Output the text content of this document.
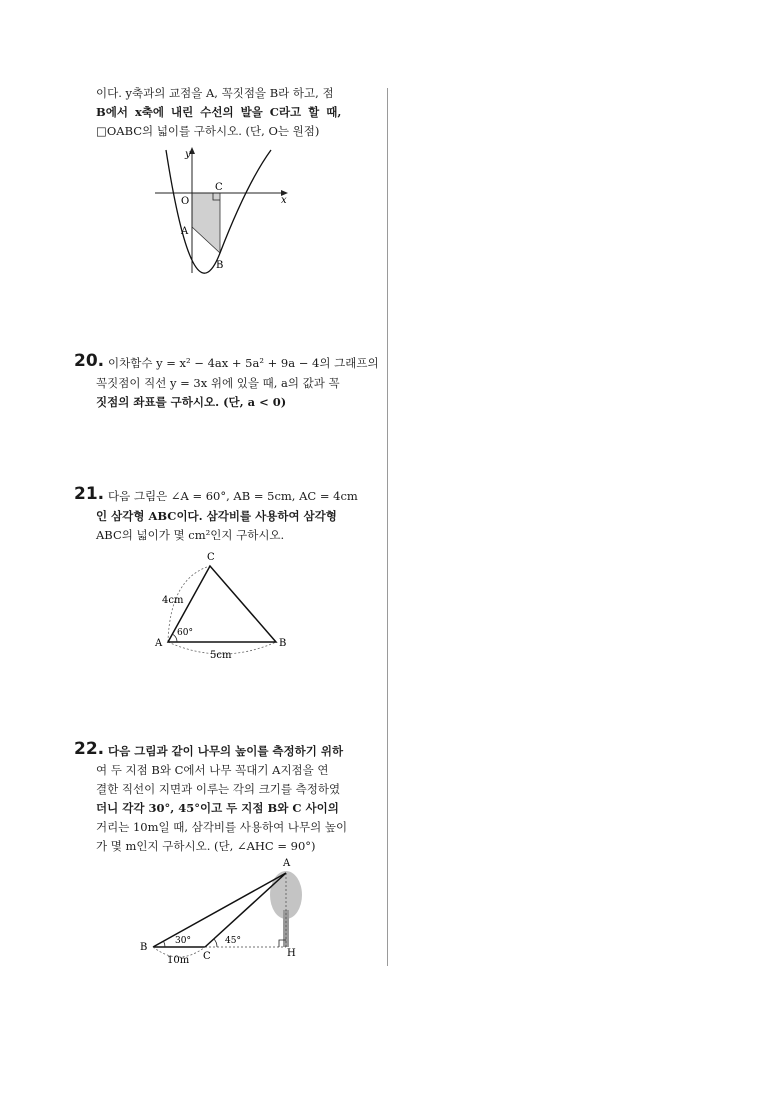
이다. y축과의 교점을 A, 꼭짓점을 B라 하고, 점
B에서 x축에 내린 수선의 발을 C라고 할 때,
□OABC의 넓이를 구하시오. (단, O는 원점)
y
x
O
C
A
B
20. 이차함수 y = x² − 4ax + 5a² + 9a − 4의 그래프의
꼭짓점이 직선 y = 3x 위에 있을 때, a의 값과 꼭
짓점의 좌표를 구하시오. (단, a < 0)
21. 다음 그림은 ∠A = 60°, AB = 5cm, AC = 4cm
인 삼각형 ABC이다. 삼각비를 사용하여 삼각형
ABC의 넓이가 몇 cm²인지 구하시오.
C
A	B
4cm
5cm
60°
22. 다음 그림과 같이 나무의 높이를 측정하기 위하
여 두 지점 B와 C에서 나무 꼭대기 A지점을 연
결한 직선이 지면과 이루는 각의 크기를 측정하였
더니 각각 30°, 45°이고 두 지점 B와 C 사이의
거리는 10m일 때, 삼각비를 사용하여 나무의 높이
가 몇 m인지 구하시오. (단, ∠AHC = 90°)
A
B
C	H
30°	45°
10m
